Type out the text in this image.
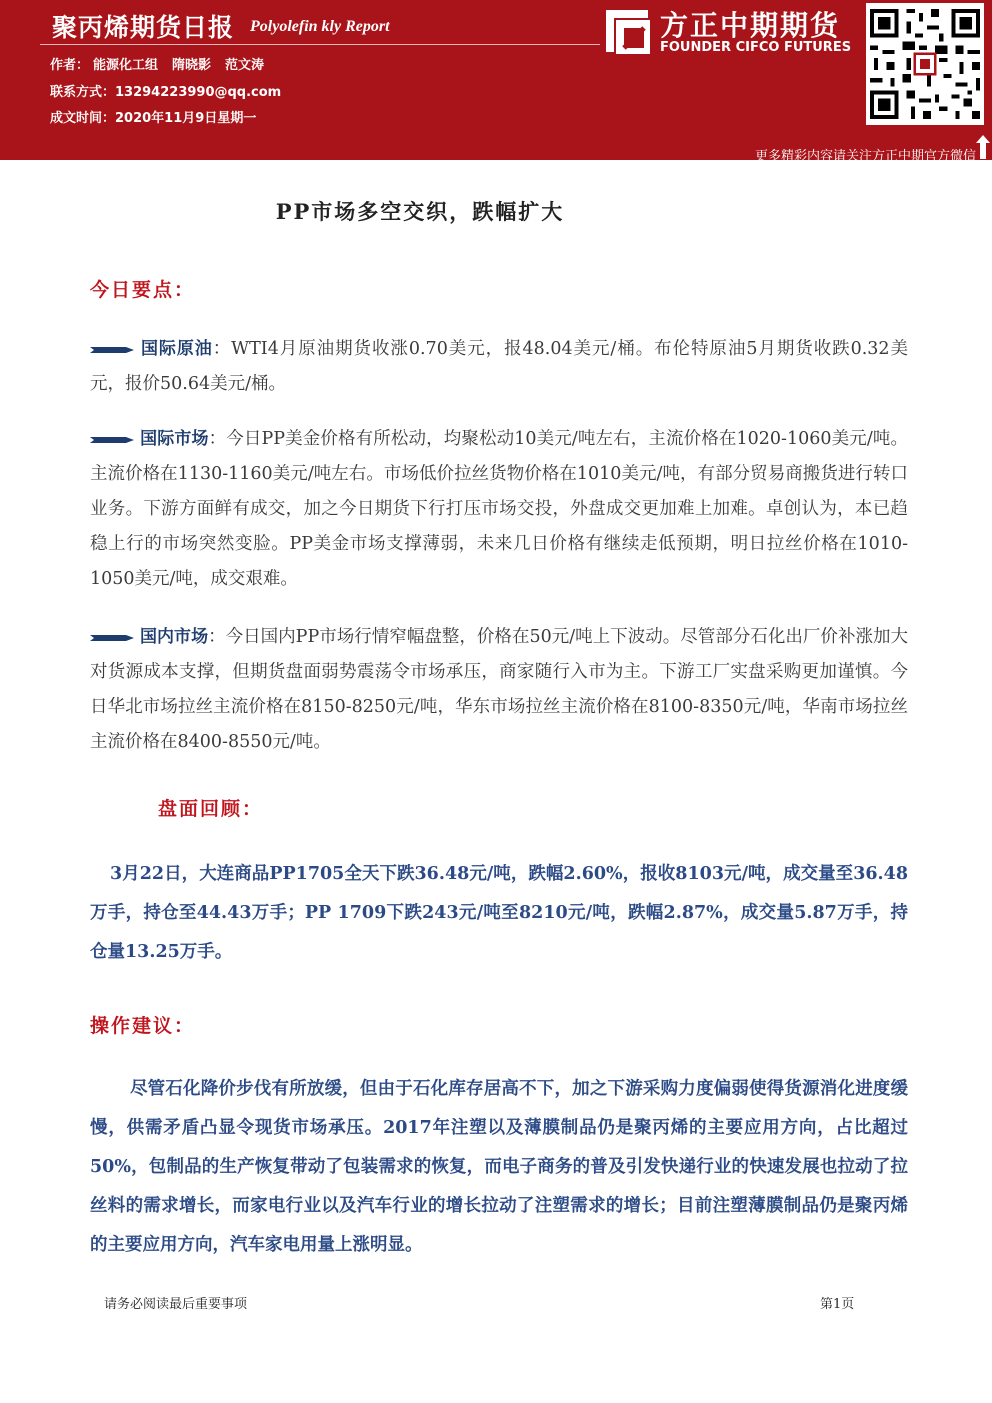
聚丙烯期货日报 Polyolefin kly Report
作者： 能源化工组 隋晓影 范文涛
联系方式：13294223990@qq.com
成文时间：2020年11月9日星期一
方正中期期货
FOUNDER CIFCO FUTURES
更多精彩内容请关注方正中期官方微信
PP市场多空交织，跌幅扩大
今日要点：
国际原油：WTI4月原油期货收涨0.70美元，报48.04美元/桶。布伦特原油5月期货收跌0.32美元，报价50.64美元/桶。
国际市场：今日PP美金价格有所松动，均聚松动10美元/吨左右，主流价格在1020-1060美元/吨。主流价格在1130-1160美元/吨左右。市场低价拉丝货物价格在1010美元/吨，有部分贸易商搬货进行转口业务。下游方面鲜有成交，加之今日期货下行打压市场交投，外盘成交更加难上加难。卓创认为，本已趋稳上行的市场突然变脸。PP美金市场支撑薄弱，未来几日价格有继续走低预期，明日拉丝价格在1010-1050美元/吨，成交艰难。
国内市场：今日国内PP市场行情窄幅盘整，价格在50元/吨上下波动。尽管部分石化出厂价补涨加大对货源成本支撑，但期货盘面弱势震荡令市场承压，商家随行入市为主。下游工厂实盘采购更加谨慎。今日华北市场拉丝主流价格在8150-8250元/吨，华东市场拉丝主流价格在8100-8350元/吨，华南市场拉丝主流价格在8400-8550元/吨。
盘面回顾：
3月22日，大连商品PP1705全天下跌36.48元/吨，跌幅2.60%，报收8103元/吨，成交量至36.48万手，持仓至44.43万手；PP 1709下跌243元/吨至8210元/吨，跌幅2.87%，成交量5.87万手，持仓量13.25万手。
操作建议：
尽管石化降价步伐有所放缓，但由于石化库存居高不下，加之下游采购力度偏弱使得货源消化进度缓慢，供需矛盾凸显令现货市场承压。2017年注塑以及薄膜制品仍是聚丙烯的主要应用方向，占比超过50%，包制品的生产恢复带动了包装需求的恢复，而电子商务的普及引发快递行业的快速发展也拉动了拉丝料的需求增长，而家电行业以及汽车行业的增长拉动了注塑需求的增长；目前注塑薄膜制品仍是聚丙烯的主要应用方向，汽车家电用量上涨明显。
请务必阅读最后重要事项	第1页
